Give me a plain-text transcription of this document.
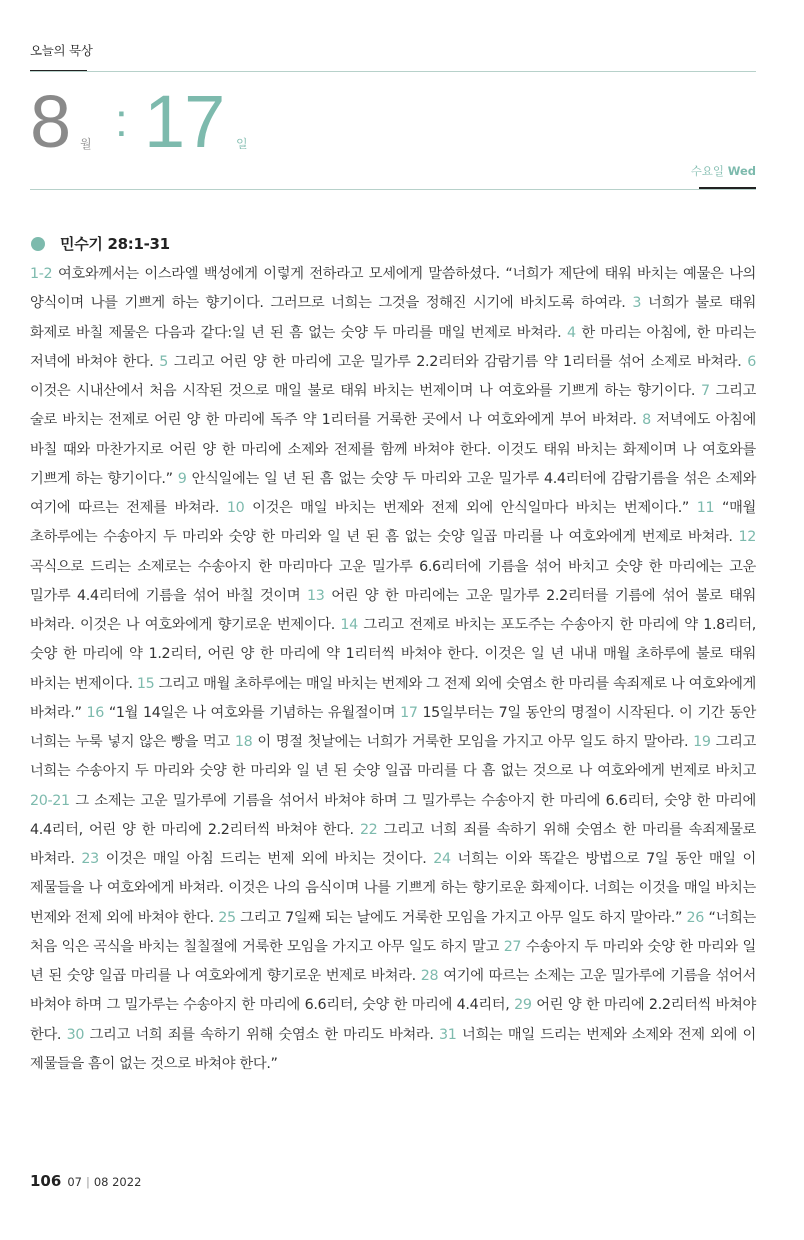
오늘의 묵상
8 월 : 17 일
수요일 Wed
민수기 28:1-31
1-2 여호와께서는 이스라엘 백성에게 이렇게 전하라고 모세에게 말씀하셨다. “너희가 제단에 태워 바치는 예물은 나의 양식이며 나를 기쁘게 하는 향기이다. 그러므로 너희는 그것을 정해진 시기에 바치도록 하여라. 3 너희가 불로 태워 화제로 바칠 제물은 다음과 같다:일 년 된 흠 없는 숫양 두 마리를 매일 번제로 바쳐라. 4 한 마리는 아침에, 한 마리는 저녁에 바쳐야 한다. 5 그리고 어린 양 한 마리에 고운 밀가루 2.2리터와 감람기름 약 1리터를 섞어 소제로 바쳐라. 6 이것은 시내산에서 처음 시작된 것으로 매일 불로 태워 바치는 번제이며 나 여호와를 기쁘게 하는 향기이다. 7 그리고 술로 바치는 전제로 어린 양 한 마리에 독주 약 1리터를 거룩한 곳에서 나 여호와에게 부어 바쳐라. 8 저녁에도 아침에 바칠 때와 마찬가지로 어린 양 한 마리에 소제와 전제를 함께 바쳐야 한다. 이것도 태워 바치는 화제이며 나 여호와를 기쁘게 하는 향기이다.” 9 안식일에는 일 년 된 흠 없는 숫양 두 마리와 고운 밀가루 4.4리터에 감람기름을 섞은 소제와 여기에 따르는 전제를 바쳐라. 10 이것은 매일 바치는 번제와 전제 외에 안식일마다 바치는 번제이다.” 11 “매월 초하루에는 수송아지 두 마리와 숫양 한 마리와 일 년 된 흠 없는 숫양 일곱 마리를 나 여호와에게 번제로 바쳐라. 12 곡식으로 드리는 소제로는 수송아지 한 마리마다 고운 밀가루 6.6리터에 기름을 섞어 바치고 숫양 한 마리에는 고운 밀가루 4.4리터에 기름을 섞어 바칠 것이며 13 어린 양 한 마리에는 고운 밀가루 2.2리터를 기름에 섞어 불로 태워 바쳐라. 이것은 나 여호와에게 향기로운 번제이다. 14 그리고 전제로 바치는 포도주는 수송아지 한 마리에 약 1.8리터, 숫양 한 마리에 약 1.2리터, 어린 양 한 마리에 약 1리터씩 바쳐야 한다. 이것은 일 년 내내 매월 초하루에 불로 태워 바치는 번제이다. 15 그리고 매월 초하루에는 매일 바치는 번제와 그 전제 외에 숫염소 한 마리를 속죄제로 나 여호와에게 바쳐라.” 16 “1월 14일은 나 여호와를 기념하는 유월절이며 17 15일부터는 7일 동안의 명절이 시작된다. 이 기간 동안 너희는 누룩 넣지 않은 빵을 먹고 18 이 명절 첫날에는 너희가 거룩한 모임을 가지고 아무 일도 하지 말아라. 19 그리고 너희는 수송아지 두 마리와 숫양 한 마리와 일 년 된 숫양 일곱 마리를 다 흠 없는 것으로 나 여호와에게 번제로 바치고 20-21 그 소제는 고운 밀가루에 기름을 섞어서 바쳐야 하며 그 밀가루는 수송아지 한 마리에 6.6리터, 숫양 한 마리에 4.4리터, 어린 양 한 마리에 2.2리터씩 바쳐야 한다. 22 그리고 너희 죄를 속하기 위해 숫염소 한 마리를 속죄제물로 바쳐라. 23 이것은 매일 아침 드리는 번제 외에 바치는 것이다. 24 너희는 이와 똑같은 방법으로 7일 동안 매일 이 제물들을 나 여호와에게 바쳐라. 이것은 나의 음식이며 나를 기쁘게 하는 향기로운 화제이다. 너희는 이것을 매일 바치는 번제와 전제 외에 바쳐야 한다. 25 그리고 7일째 되는 날에도 거룩한 모임을 가지고 아무 일도 하지 말아라.” 26 “너희는 처음 익은 곡식을 바치는 칠칠절에 거룩한 모임을 가지고 아무 일도 하지 말고 27 수송아지 두 마리와 숫양 한 마리와 일 년 된 숫양 일곱 마리를 나 여호와에게 향기로운 번제로 바쳐라. 28 여기에 따르는 소제는 고운 밀가루에 기름을 섞어서 바쳐야 하며 그 밀가루는 수송아지 한 마리에 6.6리터, 숫양 한 마리에 4.4리터, 29 어린 양 한 마리에 2.2리터씩 바쳐야 한다. 30 그리고 너희 죄를 속하기 위해 숫염소 한 마리도 바쳐라. 31 너희는 매일 드리는 번제와 소제와 전제 외에 이 제물들을 흠이 없는 것으로 바쳐야 한다.”
106 07 | 08 2022
